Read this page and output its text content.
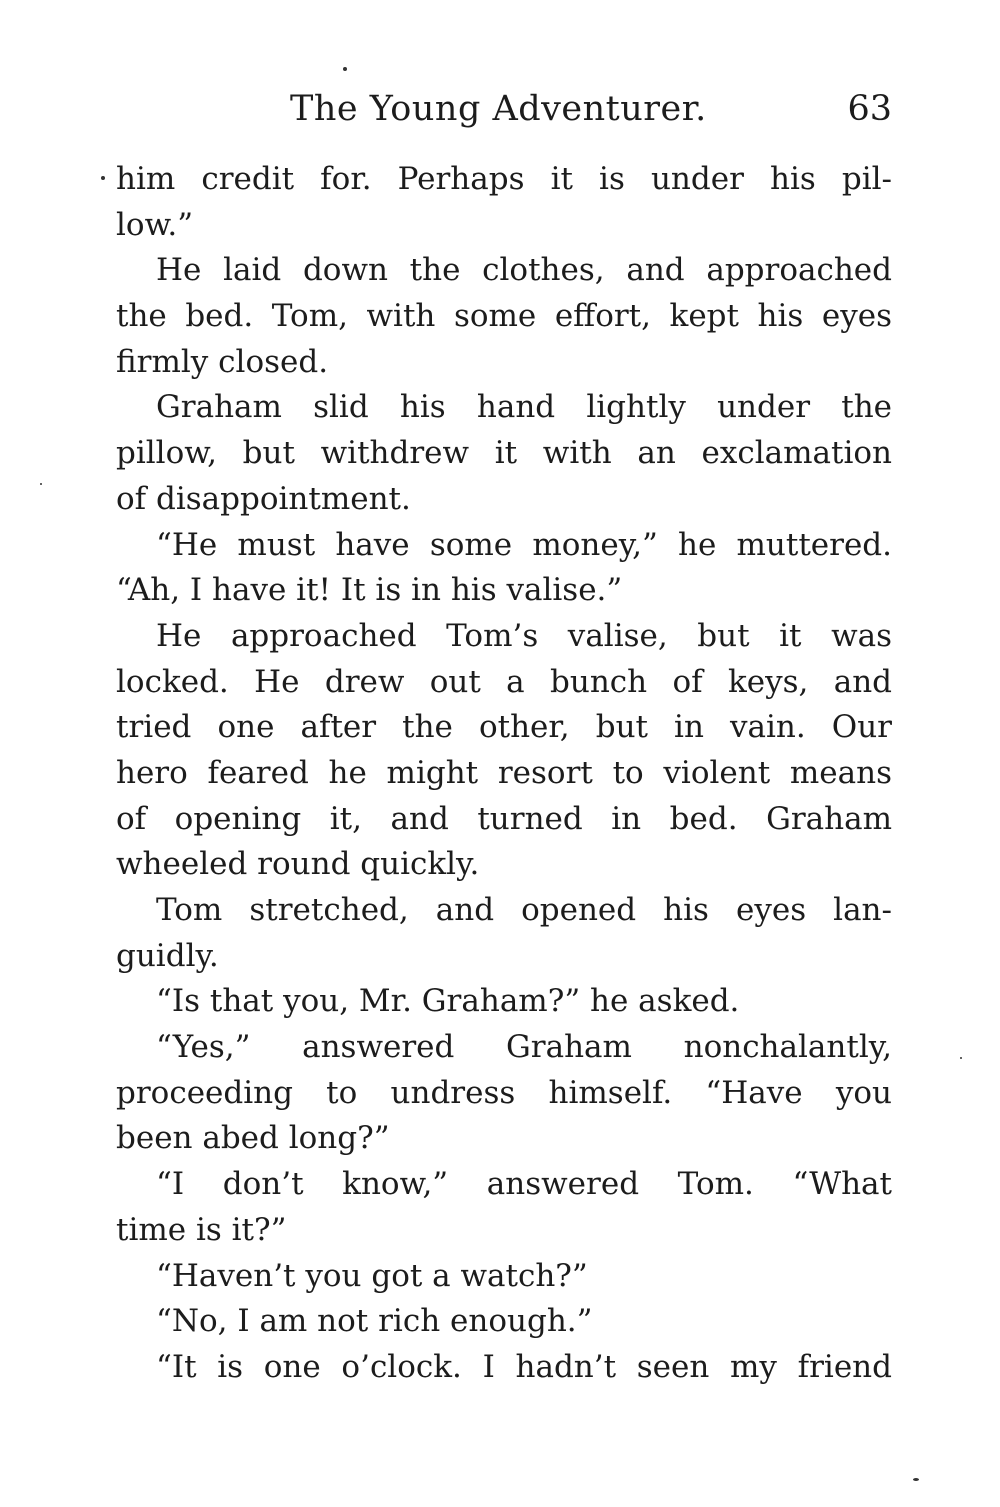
The Young Adventurer.	63
him credit for. Perhaps it is under his pil-
low.”
He laid down the clothes, and approached
the bed. Tom, with some effort, kept his eyes
firmly closed.
Graham slid his hand lightly under the
pillow, but withdrew it with an exclamation
of disappointment.
“He must have some money,” he muttered.
“Ah, I have it! It is in his valise.”
He approached Tom’s valise, but it was
locked. He drew out a bunch of keys, and
tried one after the other, but in vain. Our
hero feared he might resort to violent means
of opening it, and turned in bed. Graham
wheeled round quickly.
Tom stretched, and opened his eyes lan-
guidly.
“Is that you, Mr. Graham?” he asked.
“Yes,” answered Graham nonchalantly,
proceeding to undress himself. “Have you
been abed long?”
“I don’t know,” answered Tom. “What
time is it?”
“Haven’t you got a watch?”
“No, I am not rich enough.”
“It is one o’clock. I hadn’t seen my friend
